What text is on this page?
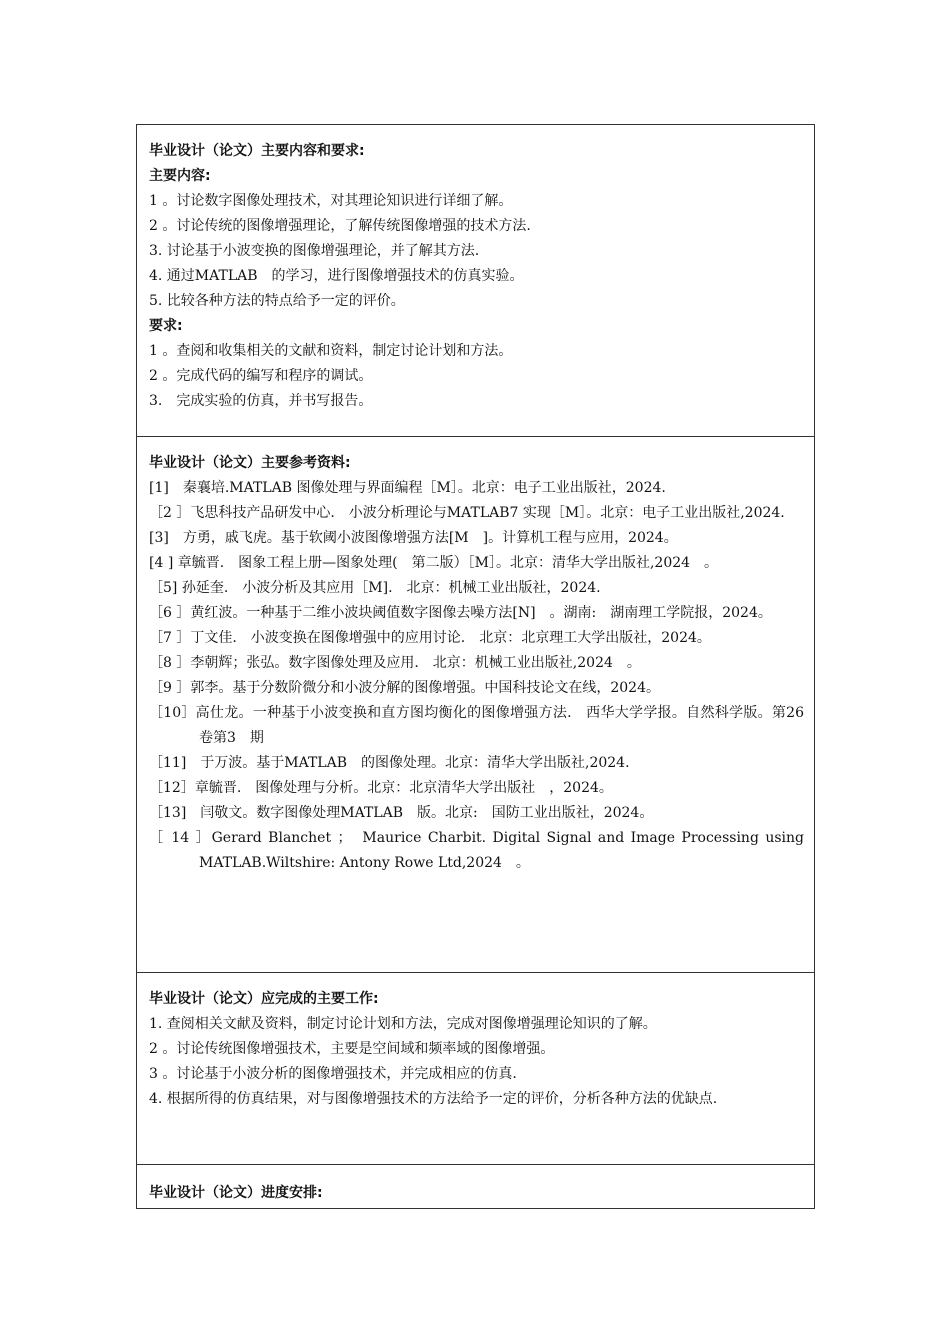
毕业设计（论文）主要内容和要求:
主要内容:
1 。讨论数字图像处理技术，对其理论知识进行详细了解。
2 。讨论传统的图像增强理论，了解传统图像增强的技术方法.
3. 讨论基于小波变换的图像增强理论，并了解其方法.
4. 通过MATLAB　的学习，进行图像增强技术的仿真实验。
5. 比较各种方法的特点给予一定的评价。
要求:
1 。查阅和收集相关的文献和资料，制定讨论计划和方法。
2 。完成代码的编写和程序的调试。
3.　完成实验的仿真，并书写报告。
毕业设计（论文）主要参考资料:
[1]　秦襄培.MATLAB 图像处理与界面编程［M］。北京：电子工业出版社，2024.
［2 ］飞思科技产品研发中心.　小波分析理论与MATLAB7 实现［M］。北京：电子工业出版社,2024.
[3]　方勇，戚飞虎。基于软阈小波图像增强方法[M　]。计算机工程与应用，2024。
[4 ] 章毓晋.　图象工程上册—图象处理(　第二版）［M］。北京：清华大学出版社,2024　。
［5] 孙延奎.　小波分析及其应用［M].　北京：机械工业出版社，2024.
［6 ］黄红波。一种基于二维小波块阈值数字图像去噪方法[N]　。湖南:　湖南理工学院报，2024。
［7 ］丁文佳.　小波变换在图像增强中的应用讨论.　北京：北京理工大学出版社，2024。
［8 ］李朝辉；张弘。数字图像处理及应用.　北京：机械工业出版社,2024　。
［9 ］郭李。基于分数阶微分和小波分解的图像增强。中国科技论文在线，2024。
［10］高仕龙。一种基于小波变换和直方图均衡化的图像增强方法.　西华大学学报。自然科学版。第26卷第3　期
［11]　于万波。基于MATLAB　的图像处理。北京：清华大学出版社,2024.
［12］章毓晋.　图像处理与分析。北京：北京清华大学出版社　，2024。
［13]　闫敬文。数字图像处理MATLAB　版。北京:　国防工业出版社，2024。
［ 14 ］Gerard Blanchet ；　Maurice Charbit. Digital Signal and Image Processing using MATLAB.Wiltshire: Antony Rowe Ltd,2024　。
毕业设计（论文）应完成的主要工作:
1. 查阅相关文献及资料，制定讨论计划和方法，完成对图像增强理论知识的了解。
2 。讨论传统图像增强技术，主要是空间域和频率域的图像增强。
3 。讨论基于小波分析的图像增强技术，并完成相应的仿真.
4. 根据所得的仿真结果，对与图像增强技术的方法给予一定的评价，分析各种方法的优缺点.
毕业设计（论文）进度安排:
